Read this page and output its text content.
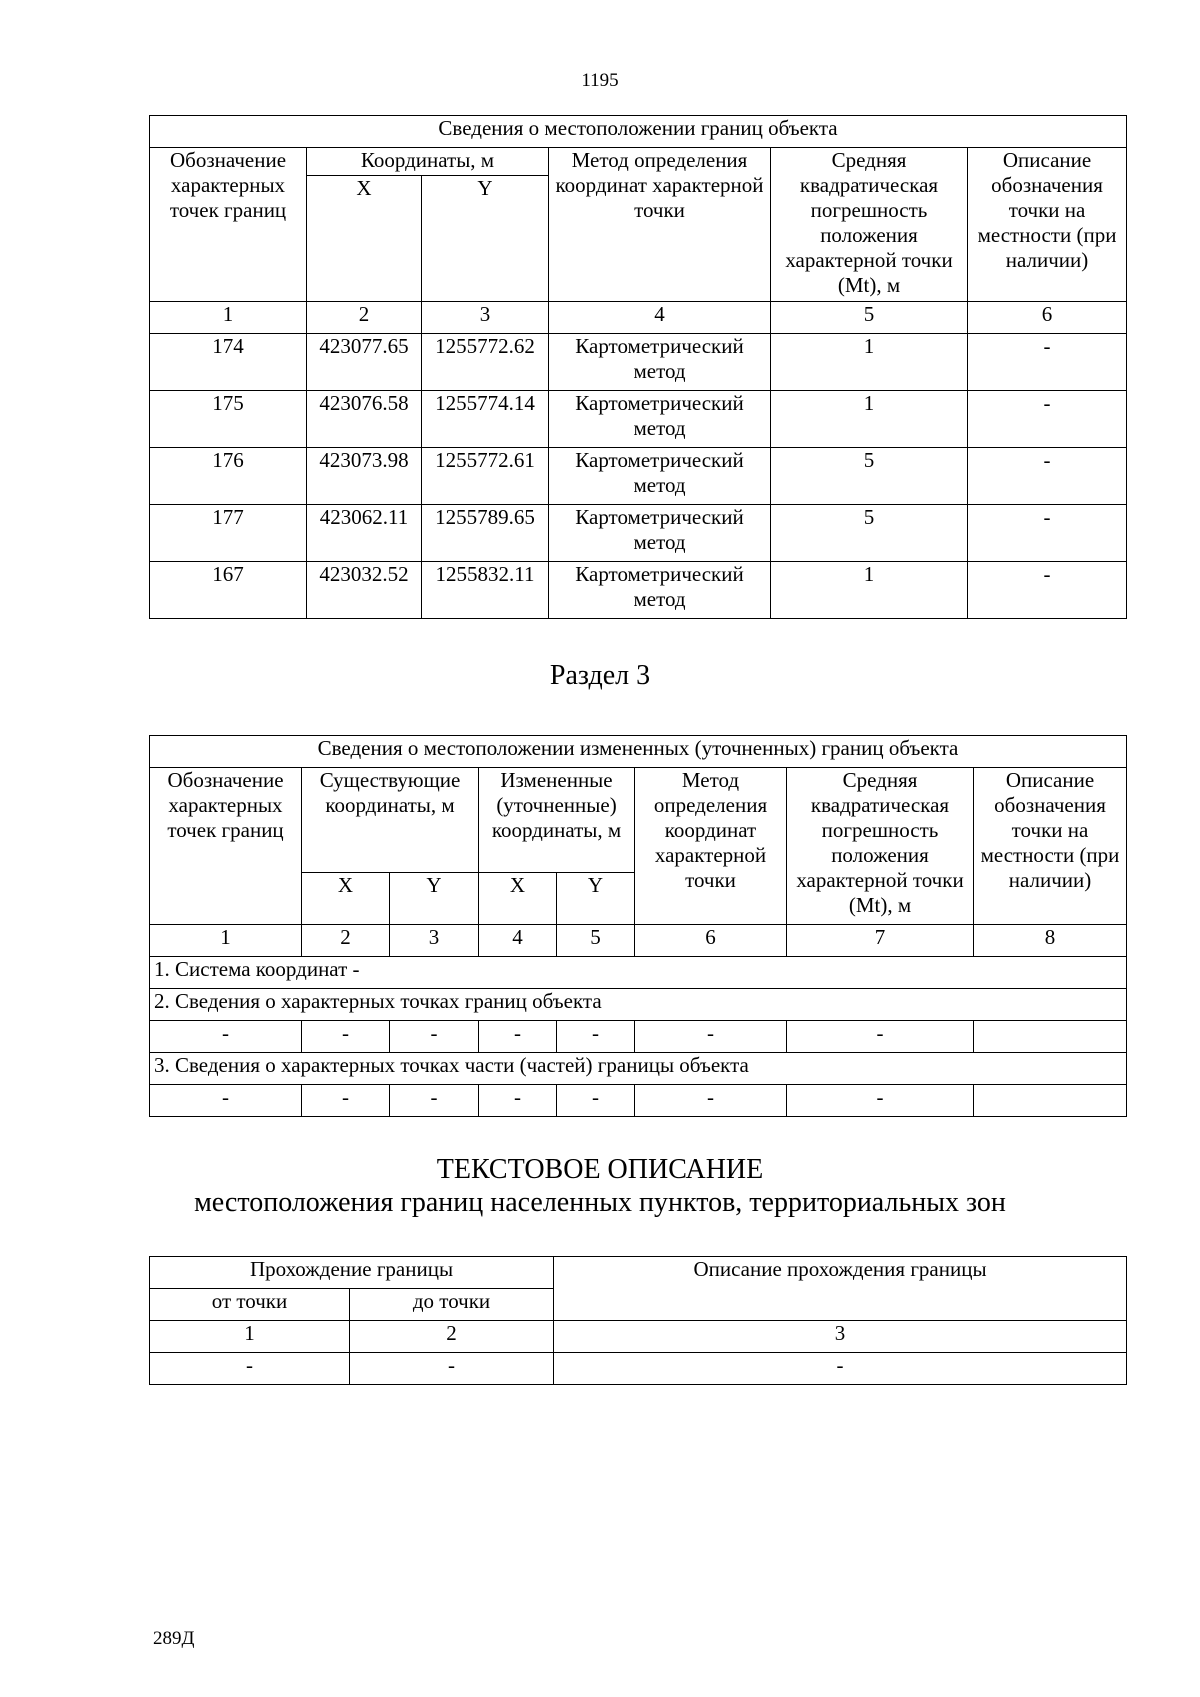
1195
Сведения о местоположении границ объекта					
Обозначение характерных точек границ	Координаты, м		Метод определения координат характерной точки	Средняя квадратическая погрешность положения характерной точки (Mt), м	Описание обозначения точки на местности (при наличии)
	X	Y			
1	2	3	4	5	6
174	423077.65	1255772.62	Картометрический метод	1	-
175	423076.58	1255774.14	Картометрический метод	1	-
176	423073.98	1255772.61	Картометрический метод	5	-
177	423062.11	1255789.65	Картометрический метод	5	-
167	423032.52	1255832.11	Картометрический метод	1	-
Раздел 3
Сведения о местоположении измененных (уточненных) границ объекта							
Обозначение характерных точек границ	Существующие координаты, м		Измененные (уточненные) координаты, м		Метод определения координат характерной точки	Средняя квадратическая погрешность положения характерной точки (Mt), м	Описание обозначения точки на местности (при наличии)
	X	Y	X	Y			
1	2	3	4	5	6	7	8
1. Система координат -							
2. Сведения о характерных точках границ объекта							
-	-	-	-	-	-	-	
3. Сведения о характерных точках части (частей) границы объекта							
-	-	-	-	-	-	-	
ТЕКСТОВОЕ ОПИСАНИЕ
местоположения границ населенных пунктов, территориальных зон
Прохождение границы		Описание прохождения границы
от точки	до точки	
1	2	3
-	-	-
289Д
